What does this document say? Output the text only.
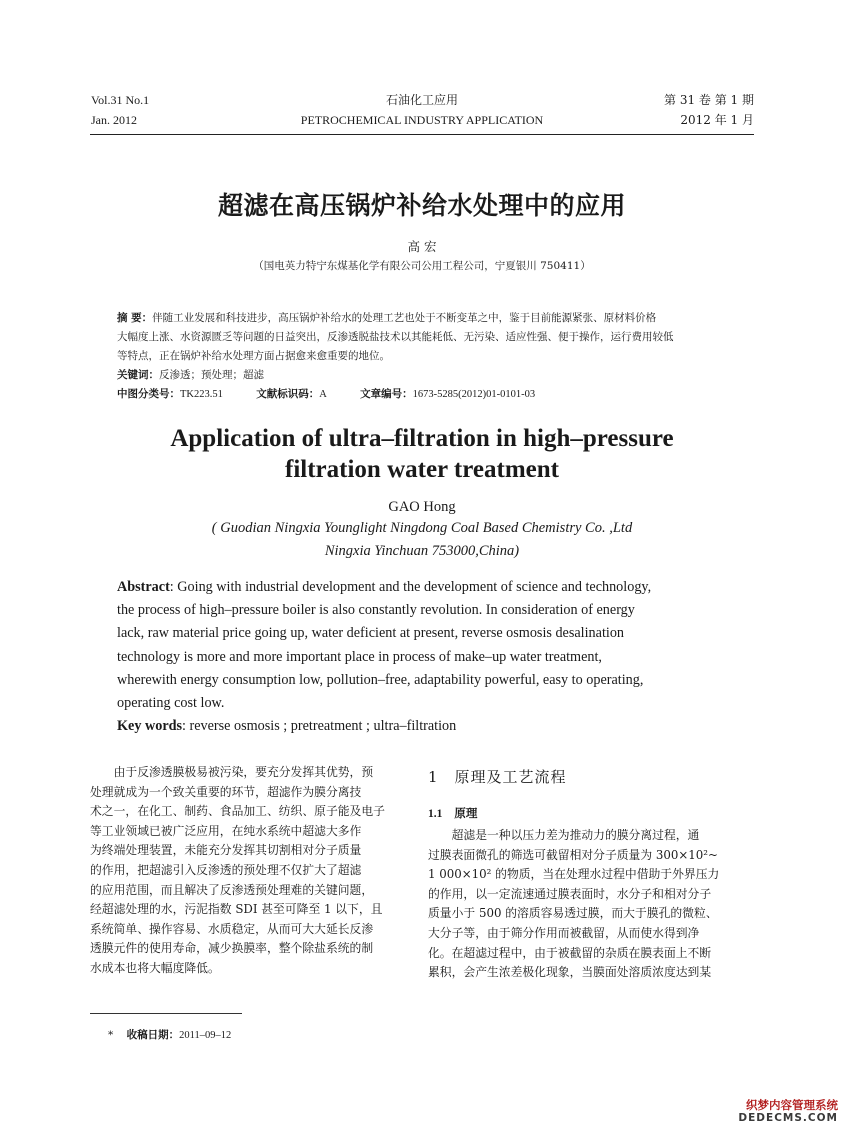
Vol.31 No.1
Jan. 2012
石油化工应用
PETROCHEMICAL INDUSTRY APPLICATION
第 31 卷 第 1 期
2012 年 1 月
超滤在高压锅炉补给水处理中的应用
高 宏
（国电英力特宁东煤基化学有限公司公用工程公司，宁夏银川 750411）
摘 要：伴随工业发展和科技进步，高压锅炉补给水的处理工艺也处于不断变革之中，鉴于目前能源紧张、原材料价格
大幅度上涨、水资源匮乏等问题的日益突出，反渗透脱盐技术以其能耗低、无污染、适应性强、便于操作，运行费用较低
等特点，正在锅炉补给水处理方面占据愈来愈重要的地位。
关键词：反渗透；预处理；超滤
中图分类号：TK223.51	文献标识码：A	文章编号：1673-5285(2012)01-0101-03
Application of ultra–filtration in high–pressure
filtration water treatment
GAO Hong
( Guodian Ningxia Younglight Ningdong Coal Based Chemistry Co. ,Ltd
Ningxia Yinchuan 753000,China)
Abstract: Going with industrial development and the development of science and technology,
the process of high–pressure boiler is also constantly revolution. In consideration of energy
lack, raw material price going up, water deficient at present, reverse osmosis desalination
technology is more and more important place in process of make–up water treatment,
wherewith energy consumption low, pollution–free, adaptability powerful, easy to operating,
operating cost low.
Key words: reverse osmosis ; pretreatment ; ultra–filtration
由于反渗透膜极易被污染，要充分发挥其优势，预
处理就成为一个致关重要的环节，超滤作为膜分离技
术之一，在化工、制药、食品加工、纺织、原子能及电子
等工业领域已被广泛应用，在纯水系统中超滤大多作
为终端处理装置，未能充分发挥其切割相对分子质量
的作用，把超滤引入反渗透的预处理不仅扩大了超滤
的应用范围，而且解决了反渗透预处理难的关键问题，
经超滤处理的水，污泥指数 SDI 甚至可降至 1 以下，且
系统简单、操作容易、水质稳定，从而可大大延长反渗
透膜元件的使用寿命，减少换膜率，整个除盐系统的制
水成本也将大幅度降低。
1 原理及工艺流程
1.1 原理
超滤是一种以压力差为推动力的膜分离过程，通
过膜表面微孔的筛选可截留相对分子质量为 300×10²~
1 000×10² 的物质，当在处理水过程中借助于外界压力
的作用，以一定流速通过膜表面时，水分子和相对分子
质量小于 500 的溶质容易透过膜，而大于膜孔的微粒、
大分子等，由于筛分作用而被截留，从而使水得到净
化。在超滤过程中，由于被截留的杂质在膜表面上不断
累积，会产生浓差极化现象，当膜面处溶质浓度达到某
* 收稿日期：2011–09–12
织梦内容管理系统
DEDECMS.COM
